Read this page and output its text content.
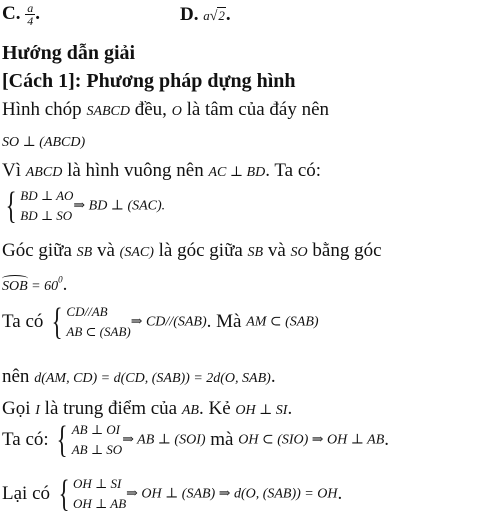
C. $\frac{a}{4}$ .	D. a√2.
Hướng dẫn giải
[Cách 1]: Phương pháp dựng hình
Hình chóp SABCD đều, O là tâm của đáy nên
SO ⊥ (ABCD)
Vì ABCD là hình vuông nên AC ⊥ BD. Ta có:
{ BD ⊥ AO
BD ⊥ SO
⇒ BD ⊥ (SAC).
Góc giữa SB và (SAC) là góc giữa SB và SO bằng góc
SOB = $60^0$.
Ta có { CD//AB
AB ⊂ (SAB)
⇒ CD//(SAB). Mà AM ⊂ (SAB)
nên d(AM, CD) = d(CD, (SAB)) = 2d(O, SAB).
Gọi I là trung điểm của AB. Kẻ OH ⊥ SI.
Ta có: { AB ⊥ OI
AB ⊥ SO
⇒ AB ⊥ (SOI) mà OH ⊂ (SIO) ⇒ OH ⊥ AB.
Lại có { OH ⊥ SI
OH ⊥ AB
⇒ OH ⊥ (SAB) ⇒ d(O, (SAB)) = OH.
